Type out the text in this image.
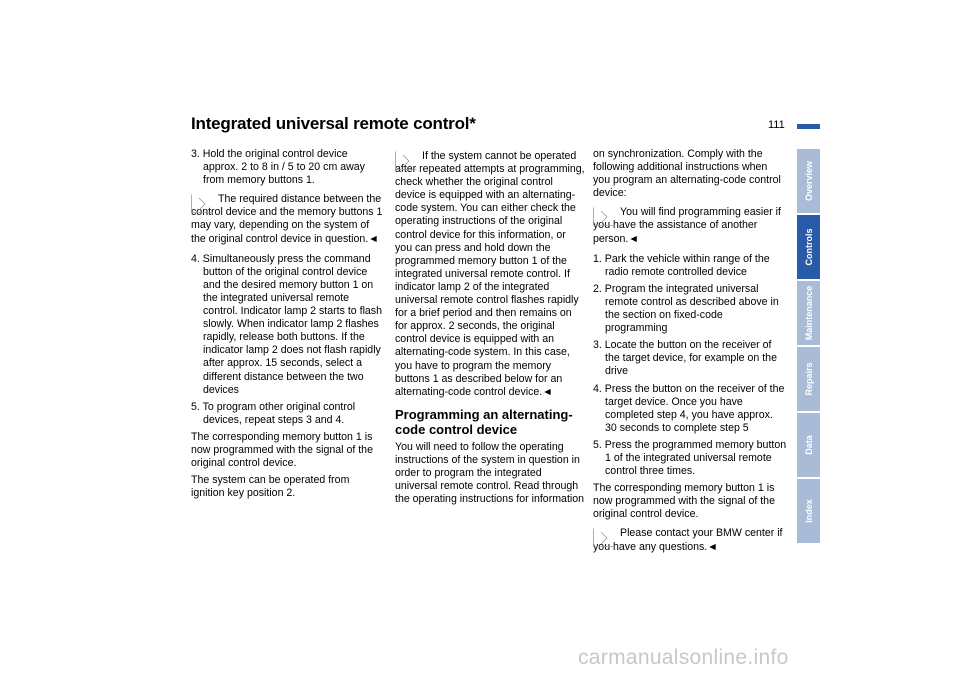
Integrated universal remote control*	111

3. Hold the original control device approx. 2 to 8 in / 5 to 20 cm away from memory buttons 1.

The required distance between the control device and the memory buttons 1 may vary, depending on the system of the original control device in question.◄

4. Simultaneously press the command button of the original control device and the desired memory button 1 on the integrated universal remote control. Indicator lamp 2 starts to flash slowly. When indicator lamp 2 flashes rapidly, release both buttons. If the indicator lamp 2 does not flash rapidly after approx. 15 seconds, select a different distance between the two devices

5. To program other original control devices, repeat steps 3 and 4.

The corresponding memory button 1 is now programmed with the signal of the original control device.

The system can be operated from ignition key position 2.

If the system cannot be operated after repeated attempts at programming, check whether the original control device is equipped with an alternating-code system. You can either check the operating instructions of the original control device for this information, or you can press and hold down the programmed memory button 1 of the integrated universal remote control. If indicator lamp 2 of the integrated universal remote control flashes rapidly for a brief period and then remains on for approx. 2 seconds, the original control device is equipped with an alternating-code system. In this case, you have to program the memory buttons 1 as described below for an alternating-code control device.◄
Programming an alternating-code control device

You will need to follow the operating instructions of the system in question in order to program the integrated universal remote control. Read through the operating instructions for information

on synchronization. Comply with the following additional instructions when you program an alternating-code control device:

You will find programming easier if you have the assistance of another person.◄

1. Park the vehicle within range of the radio remote controlled device

2. Program the integrated universal remote control as described above in the section on fixed-code programming

3. Locate the button on the receiver of the target device, for example on the drive

4. Press the button on the receiver of the target device. Once you have completed step 4, you have approx. 30 seconds to complete step 5

5. Press the programmed memory button 1 of the integrated universal remote control three times.

The corresponding memory button 1 is now programmed with the signal of the original control device.

Please contact your BMW center if you have any questions.◄
Overview
Controls
Maintenance
Repairs
Data
Index
carmanualsonline.info
